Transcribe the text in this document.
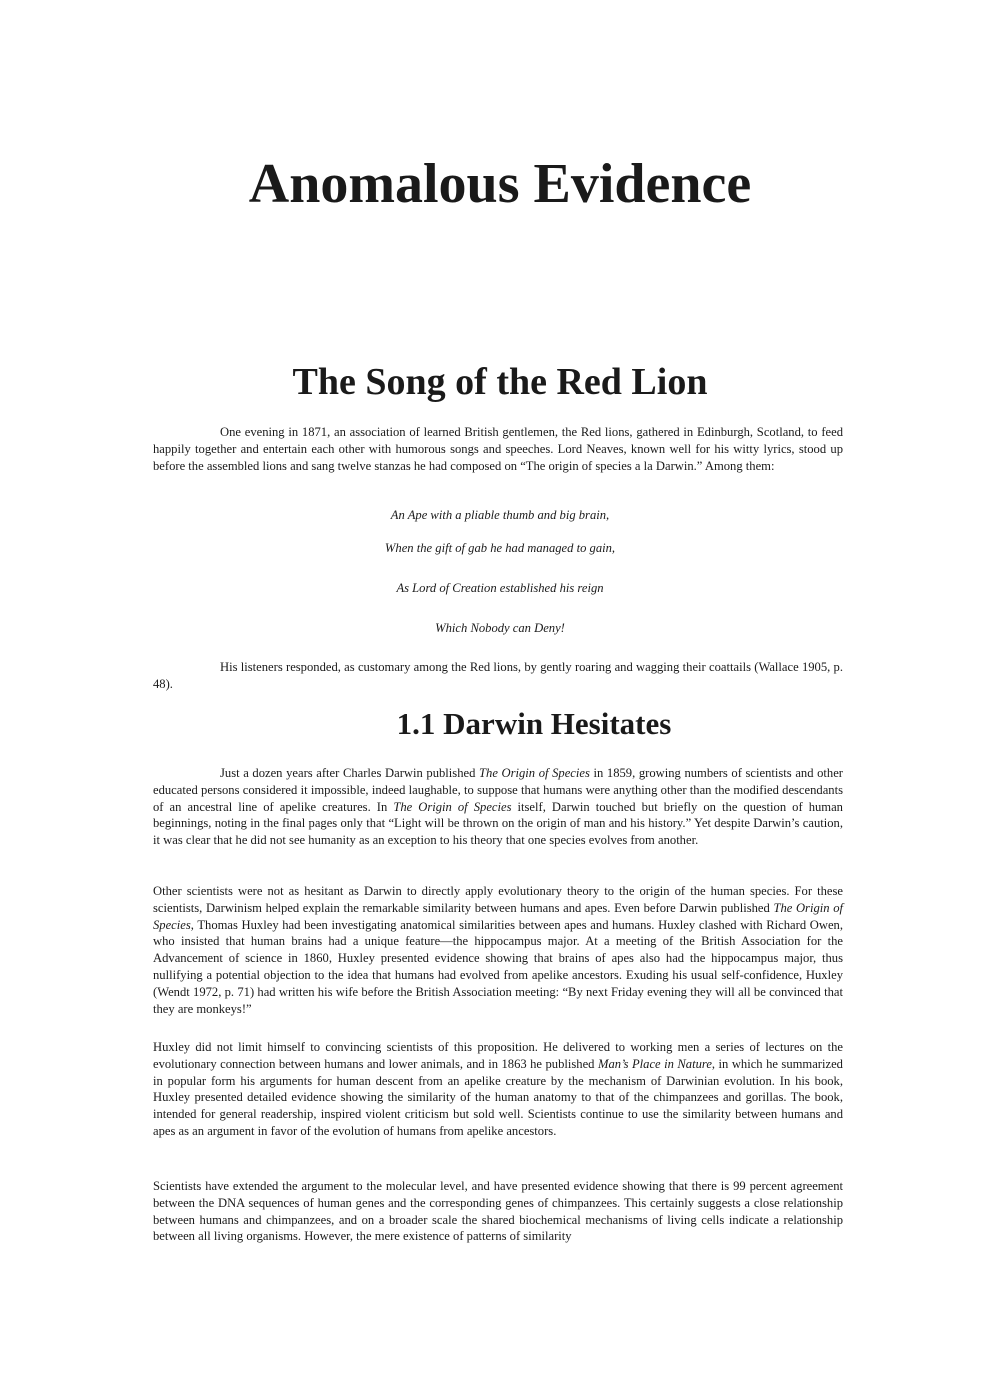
Anomalous Evidence
The Song of the Red Lion

One evening in 1871, an association of learned British gentlemen, the Red lions, gathered in Edinburgh, Scotland, to feed happily together and entertain each other with humorous songs and speeches. Lord Neaves, known well for his witty lyrics, stood up before the assembled lions and sang twelve stanzas he had composed on “The origin of species a la Darwin.” Among them:

An Ape with a pliable thumb and big brain,

When the gift of gab he had managed to gain,

As Lord of Creation established his reign

Which Nobody can Deny!

His listeners responded, as customary among the Red lions, by gently roaring and wagging their coattails (Wallace 1905, p. 48).

1.1 Darwin Hesitates

Just a dozen years after Charles Darwin published The Origin of Species in 1859, growing numbers of scientists and other educated persons considered it impossible, indeed laughable, to suppose that humans were anything other than the modified descendants of an ancestral line of apelike creatures. In The Origin of Species itself, Darwin touched but briefly on the question of human beginnings, noting in the final pages only that “Light will be thrown on the origin of man and his history.” Yet despite Darwin’s caution, it was clear that he did not see humanity as an exception to his theory that one species evolves from another.

Other scientists were not as hesitant as Darwin to directly apply evolutionary theory to the origin of the human species. For these scientists, Darwinism helped explain the remarkable similarity between humans and apes. Even before Darwin published The Origin of Species, Thomas Huxley had been investigating anatomical similarities between apes and humans. Huxley clashed with Richard Owen, who insisted that human brains had a unique feature—the hippocampus major. At a meeting of the British Association for the Advancement of science in 1860, Huxley presented evidence showing that brains of apes also had the hippocampus major, thus nullifying a potential objection to the idea that humans had evolved from apelike ancestors. Exuding his usual self-confidence, Huxley (Wendt 1972, p. 71) had written his wife before the British Association meeting: “By next Friday evening they will all be convinced that they are monkeys!”

Huxley did not limit himself to convincing scientists of this proposition. He delivered to working men a series of lectures on the evolutionary connection between humans and lower animals, and in 1863 he published Man’s Place in Nature, in which he summarized in popular form his arguments for human descent from an apelike creature by the mechanism of Darwinian evolution. In his book, Huxley presented detailed evidence showing the similarity of the human anatomy to that of the chimpanzees and gorillas. The book, intended for general readership, inspired violent criticism but sold well. Scientists continue to use the similarity between humans and apes as an argument in favor of the evolution of humans from apelike ancestors.

Scientists have extended the argument to the molecular level, and have presented evidence showing that there is 99 percent agreement between the DNA sequences of human genes and the corresponding genes of chimpanzees. This certainly suggests a close relationship between humans and chimpanzees, and on a broader scale the shared biochemical mechanisms of living cells indicate a relationship between all living organisms. However, the mere existence of patterns of similarity
